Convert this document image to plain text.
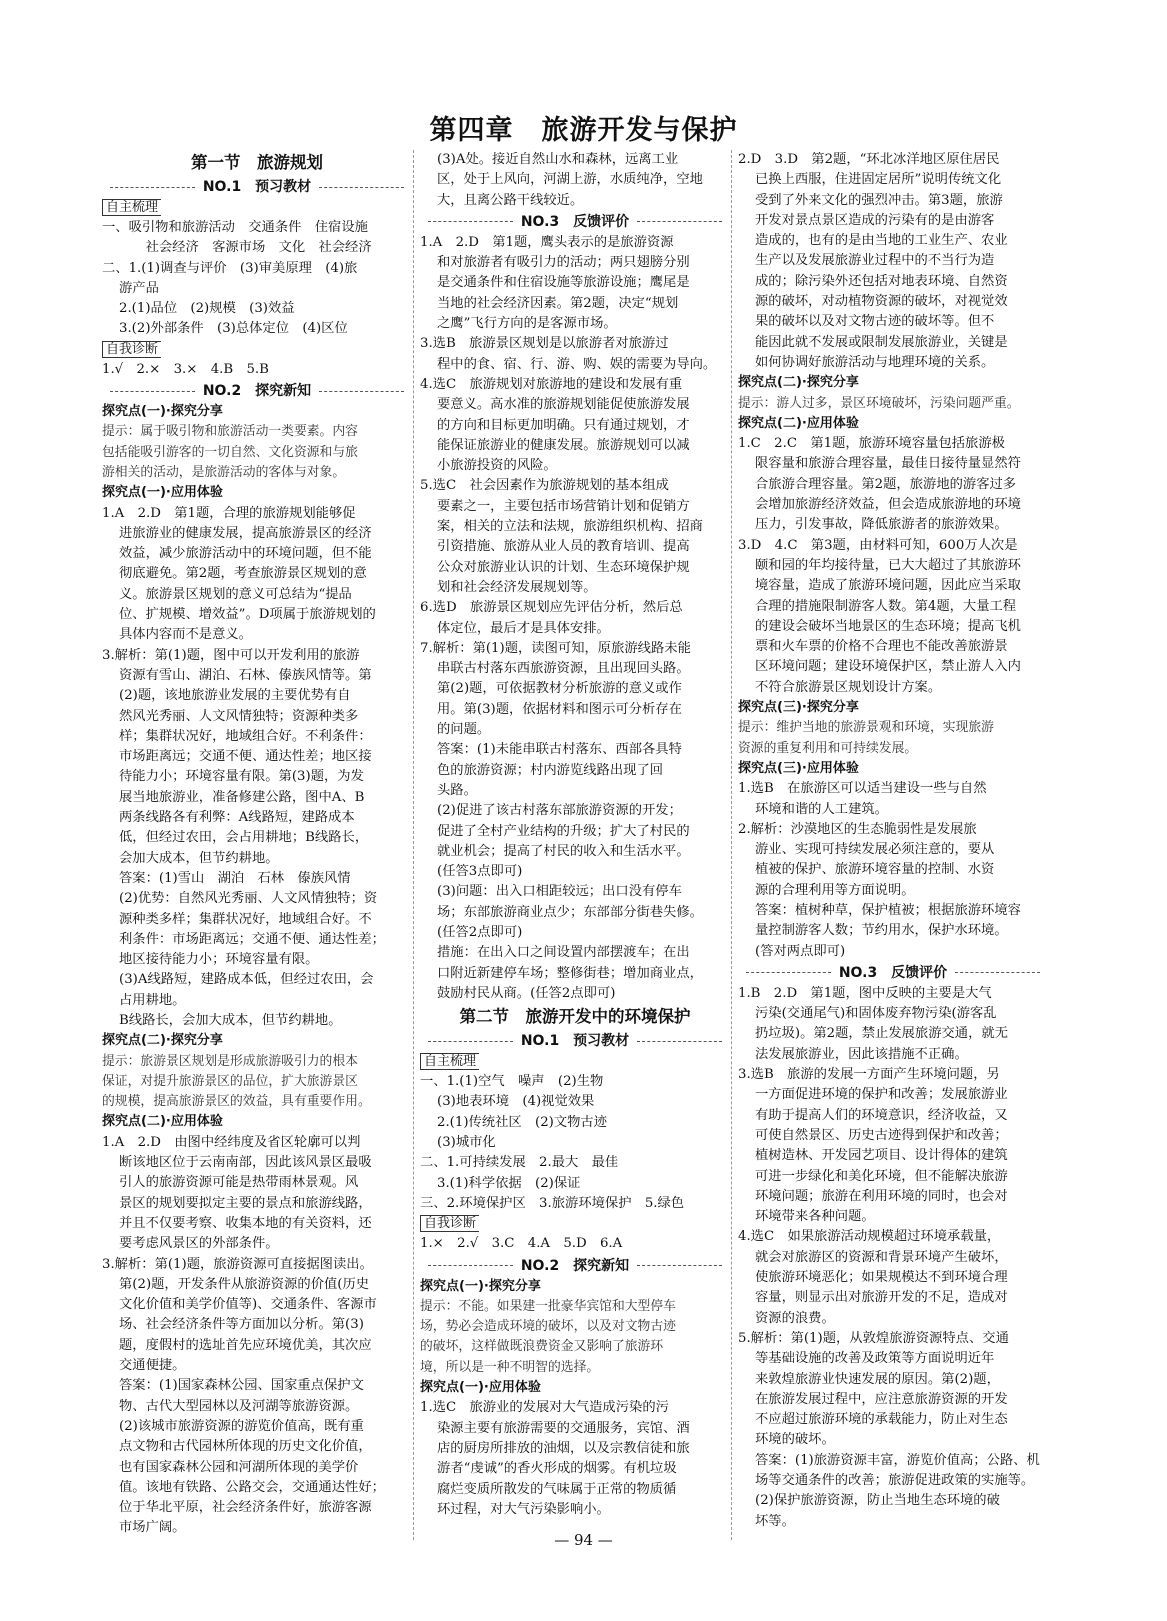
第四章　旅游开发与保护
第一节　旅游规划
NO.1　预习教材
自主梳理
一、吸引物和旅游活动　交通条件　住宿设施
　　社会经济　客源市场　文化　社会经济
二、1.(1)调查与评价　(3)审美原理　(4)旅
游产品
2.(1)品位　(2)规模　(3)效益
3.(2)外部条件　(3)总体定位　(4)区位
自我诊断
1.√　2.×　3.×　4.B　5.B
NO.2　探究新知
探究点(一)·探究分享
提示：属于吸引物和旅游活动一类要素。内容
包括能吸引游客的一切自然、文化资源和与旅
游相关的活动，是旅游活动的客体与对象。
探究点(一)·应用体验
1.A　2.D　第1题，合理的旅游规划能够促
进旅游业的健康发展，提高旅游景区的经济
效益，减少旅游活动中的环境问题，但不能
彻底避免。第2题，考查旅游景区规划的意
义。旅游景区规划的意义可总结为“提品
位、扩规模、增效益”。D项属于旅游规划的
具体内容而不是意义。
3.解析：第(1)题，图中可以开发利用的旅游
资源有雪山、湖泊、石林、傣族风情等。第
(2)题，该地旅游业发展的主要优势有自
然风光秀丽、人文风情独特；资源种类多
样；集群状况好，地域组合好。不利条件：
市场距离远；交通不便、通达性差；地区接
待能力小；环境容量有限。第(3)题，为发
展当地旅游业，准备修建公路，图中A、B
两条线路各有利弊：A线路短，建路成本
低，但经过农田，会占用耕地；B线路长，
会加大成本，但节约耕地。
答案：(1)雪山　湖泊　石林　傣族风情
(2)优势：自然风光秀丽、人文风情独特；资
源种类多样；集群状况好，地域组合好。不
利条件：市场距离远；交通不便、通达性差；
地区接待能力小；环境容量有限。
(3)A线路短，建路成本低，但经过农田，会
占用耕地。
B线路长，会加大成本，但节约耕地。
探究点(二)·探究分享
提示：旅游景区规划是形成旅游吸引力的根本
保证，对提升旅游景区的品位，扩大旅游景区
的规模，提高旅游景区的效益，具有重要作用。
探究点(二)·应用体验
1.A　2.D　由图中经纬度及省区轮廓可以判
断该地区位于云南南部，因此该风景区最吸
引人的旅游资源可能是热带雨林景观。风
景区的规划要拟定主要的景点和旅游线路，
并且不仅要考察、收集本地的有关资料，还
要考虑风景区的外部条件。
3.解析：第(1)题，旅游资源可直接据图读出。
第(2)题，开发条件从旅游资源的价值(历史
文化价值和美学价值等)、交通条件、客源市
场、社会经济条件等方面加以分析。第(3)
题，度假村的选址首先应环境优美，其次应
交通便捷。
答案：(1)国家森林公园、国家重点保护文
物、古代大型园林以及河湖等旅游资源。
(2)该城市旅游资源的游览价值高，既有重
点文物和古代园林所体现的历史文化价值，
也有国家森林公园和河湖所体现的美学价
值。该地有铁路、公路交会，交通通达性好；
位于华北平原，社会经济条件好，旅游客源
市场广阔。
(3)A处。接近自然山水和森林，远离工业
区，处于上风向，河湖上游，水质纯净，空地
大，且离公路干线较近。
NO.3　反馈评价
1.A　2.D　第1题，鹰头表示的是旅游资源
和对旅游者有吸引力的活动；两只翅膀分别
是交通条件和住宿设施等旅游设施；鹰尾是
当地的社会经济因素。第2题，决定“规划
之鹰”飞行方向的是客源市场。
3.选B　旅游景区规划是以旅游者对旅游过
程中的食、宿、行、游、购、娱的需要为导向。
4.选C　旅游规划对旅游地的建设和发展有重
要意义。高水准的旅游规划能促使旅游发展
的方向和目标更加明确。只有通过规划，才
能保证旅游业的健康发展。旅游规划可以减
小旅游投资的风险。
5.选C　社会因素作为旅游规划的基本组成
要素之一，主要包括市场营销计划和促销方
案，相关的立法和法规，旅游组织机构、招商
引资措施、旅游从业人员的教育培训、提高
公众对旅游业认识的计划、生态环境保护规
划和社会经济发展规划等。
6.选D　旅游景区规划应先评估分析，然后总
体定位，最后才是具体安排。
7.解析：第(1)题，读图可知，原旅游线路未能
串联古村落东西旅游资源，且出现回头路。
第(2)题，可依据教材分析旅游的意义或作
用。第(3)题，依据材料和图示可分析存在
的问题。
答案：(1)未能串联古村落东、西部各具特
色的旅游资源；村内游览线路出现了回
头路。
(2)促进了该古村落东部旅游资源的开发；
促进了全村产业结构的升级；扩大了村民的
就业机会；提高了村民的收入和生活水平。
(任答3点即可)
(3)问题：出入口相距较远；出口没有停车
场；东部旅游商业点少；东部部分街巷失修。
(任答2点即可)
措施：在出入口之间设置内部摆渡车；在出
口附近新建停车场；整修街巷；增加商业点，
鼓励村民从商。(任答2点即可)
第二节　旅游开发中的环境保护
NO.1　预习教材
自主梳理
一、1.(1)空气　噪声　(2)生物
(3)地表环境　(4)视觉效果
2.(1)传统社区　(2)文物古迹
(3)城市化
二、1.可持续发展　2.最大　最佳
3.(1)科学依据　(2)保证
三、2.环境保护区　3.旅游环境保护　5.绿色
自我诊断
1.×　2.√　3.C　4.A　5.D　6.A
NO.2　探究新知
探究点(一)·探究分享
提示：不能。如果建一批豪华宾馆和大型停车
场，势必会造成环境的破坏，以及对文物古迹
的破坏，这样做既浪费资金又影响了旅游环
境，所以是一种不明智的选择。
探究点(一)·应用体验
1.选C　旅游业的发展对大气造成污染的污
染源主要有旅游需要的交通服务，宾馆、酒
店的厨房所排放的油烟，以及宗教信徒和旅
游者“虔诚”的香火形成的烟雾。有机垃圾
腐烂变质所散发的气味属于正常的物质循
环过程，对大气污染影响小。
2.D　3.D　第2题，“环北冰洋地区原住居民
已换上西服，住进固定居所”说明传统文化
受到了外来文化的强烈冲击。第3题，旅游
开发对景点景区造成的污染有的是由游客
造成的，也有的是由当地的工业生产、农业
生产以及发展旅游业过程中的不当行为造
成的；除污染外还包括对地表环境、自然资
源的破坏，对动植物资源的破坏，对视觉效
果的破坏以及对文物古迹的破坏等。但不
能因此就不发展或限制发展旅游业，关键是
如何协调好旅游活动与地理环境的关系。
探究点(二)·探究分享
提示：游人过多，景区环境破坏，污染问题严重。
探究点(二)·应用体验
1.C　2.C　第1题，旅游环境容量包括旅游极
限容量和旅游合理容量，最佳日接待量显然符
合旅游合理容量。第2题，旅游地的游客过多
会增加旅游经济效益，但会造成旅游地的环境
压力，引发事故，降低旅游者的旅游效果。
3.D　4.C　第3题，由材料可知，600万人次是
颐和园的年均接待量，已大大超过了其旅游环
境容量，造成了旅游环境问题，因此应当采取
合理的措施限制游客人数。第4题，大量工程
的建设会破坏当地景区的生态环境；提高飞机
票和火车票的价格不合理也不能改善旅游景
区环境问题；建设环境保护区，禁止游人入内
不符合旅游景区规划设计方案。
探究点(三)·探究分享
提示：维护当地的旅游景观和环境，实现旅游
资源的重复利用和可持续发展。
探究点(三)·应用体验
1.选B　在旅游区可以适当建设一些与自然
环境和谐的人工建筑。
2.解析：沙漠地区的生态脆弱性是发展旅
游业、实现可持续发展必须注意的，要从
植被的保护、旅游环境容量的控制、水资
源的合理利用等方面说明。
答案：植树种草，保护植被；根据旅游环境容
量控制游客人数；节约用水，保护水环境。
(答对两点即可)
NO.3　反馈评价
1.B　2.D　第1题，图中反映的主要是大气
污染(交通尾气)和固体废弃物污染(游客乱
扔垃圾)。第2题，禁止发展旅游交通，就无
法发展旅游业，因此该措施不正确。
3.选B　旅游的发展一方面产生环境问题，另
一方面促进环境的保护和改善；发展旅游业
有助于提高人们的环境意识，经济收益，又
可使自然景区、历史古迹得到保护和改善；
植树造林、开发园艺项目、设计得体的建筑
可进一步绿化和美化环境，但不能解决旅游
环境问题；旅游在利用环境的同时，也会对
环境带来各种问题。
4.选C　如果旅游活动规模超过环境承载量，
就会对旅游区的资源和背景环境产生破坏，
使旅游环境恶化；如果规模达不到环境合理
容量，则显示出对旅游开发的不足，造成对
资源的浪费。
5.解析：第(1)题，从敦煌旅游资源特点、交通
等基础设施的改善及政策等方面说明近年
来敦煌旅游业快速发展的原因。第(2)题，
在旅游发展过程中，应注意旅游资源的开发
不应超过旅游环境的承载能力，防止对生态
环境的破坏。
答案：(1)旅游资源丰富，游览价值高；公路、机
场等交通条件的改善；旅游促进政策的实施等。
(2)保护旅游资源，防止当地生态环境的破
坏等。
— 94 —
